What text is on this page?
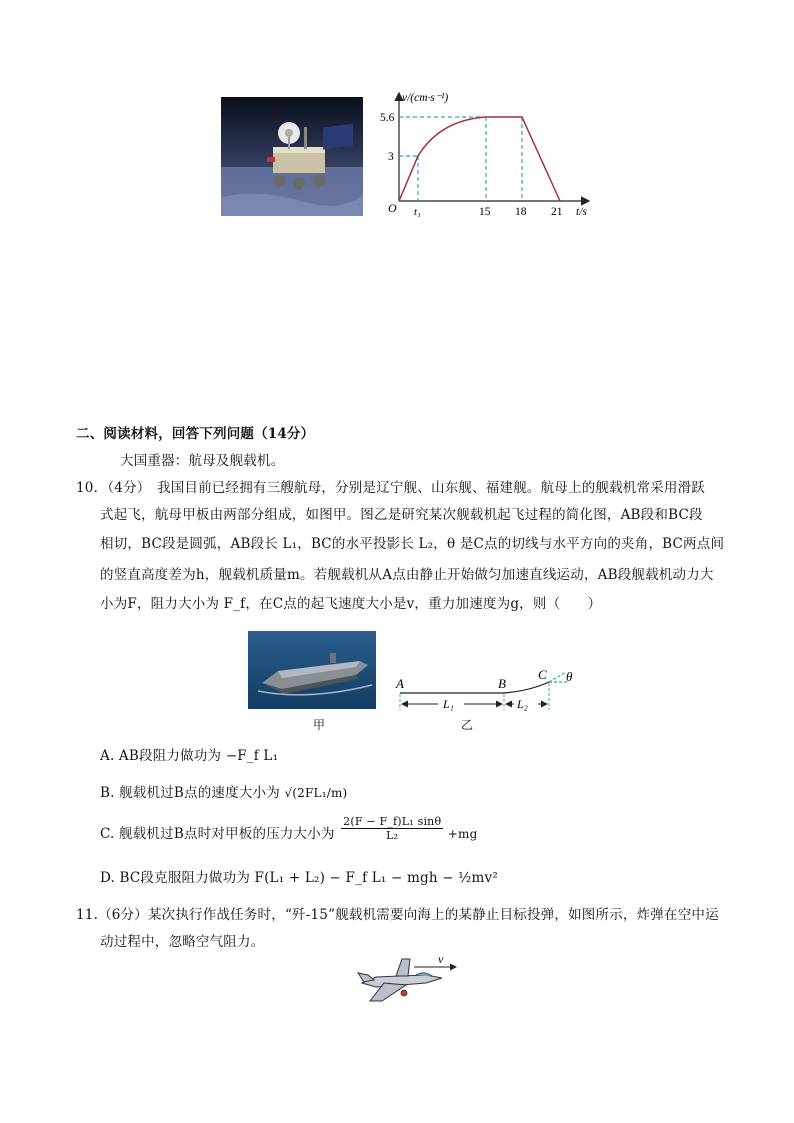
v/(cm·s⁻¹)
t/s
O
5.6
3
t₁	15 18 21
二、阅读材料，回答下列问题（14分）
大国重器：航母及舰载机。
10．（4分） 我国目前已经拥有三艘航母，分别是辽宁舰、山东舰、福建舰。航母上的舰载机常采用滑跃
式起飞，航母甲板由两部分组成，如图甲。图乙是研究某次舰载机起飞过程的简化图，AB段和BC段
相切，BC段是圆弧，AB段长 L₁，BC的水平投影长 L₂，θ 是C点的切线与水平方向的夹角，BC两点间
的竖直高度差为h，舰载机质量m。若舰载机从A点由静止开始做匀加速直线运动，AB段舰载机动力大
小为F，阻力大小为 F_f，在C点的起飞速度大小是v，重力加速度为g，则（　　）
甲
A	B
C θ
L₁	L₂
乙
A. AB段阻力做功为 −F_f L₁
B. 舰载机过B点的速度大小为 √(2FL₁/m)
C. 舰载机过B点时对甲板的压力大小为 $\frac{\text{2(F − F\_f)L₁ sinθ}}{\text{L₂}} +mg$
D. BC段克服阻力做功为 F(L₁ + L₂) − F_f L₁ − mgh − ½mv²
11.（6分）某次执行作战任务时，“歼-15”舰载机需要向海上的某静止目标投弹，如图所示，炸弹在空中运
动过程中，忽略空气阻力。
v
